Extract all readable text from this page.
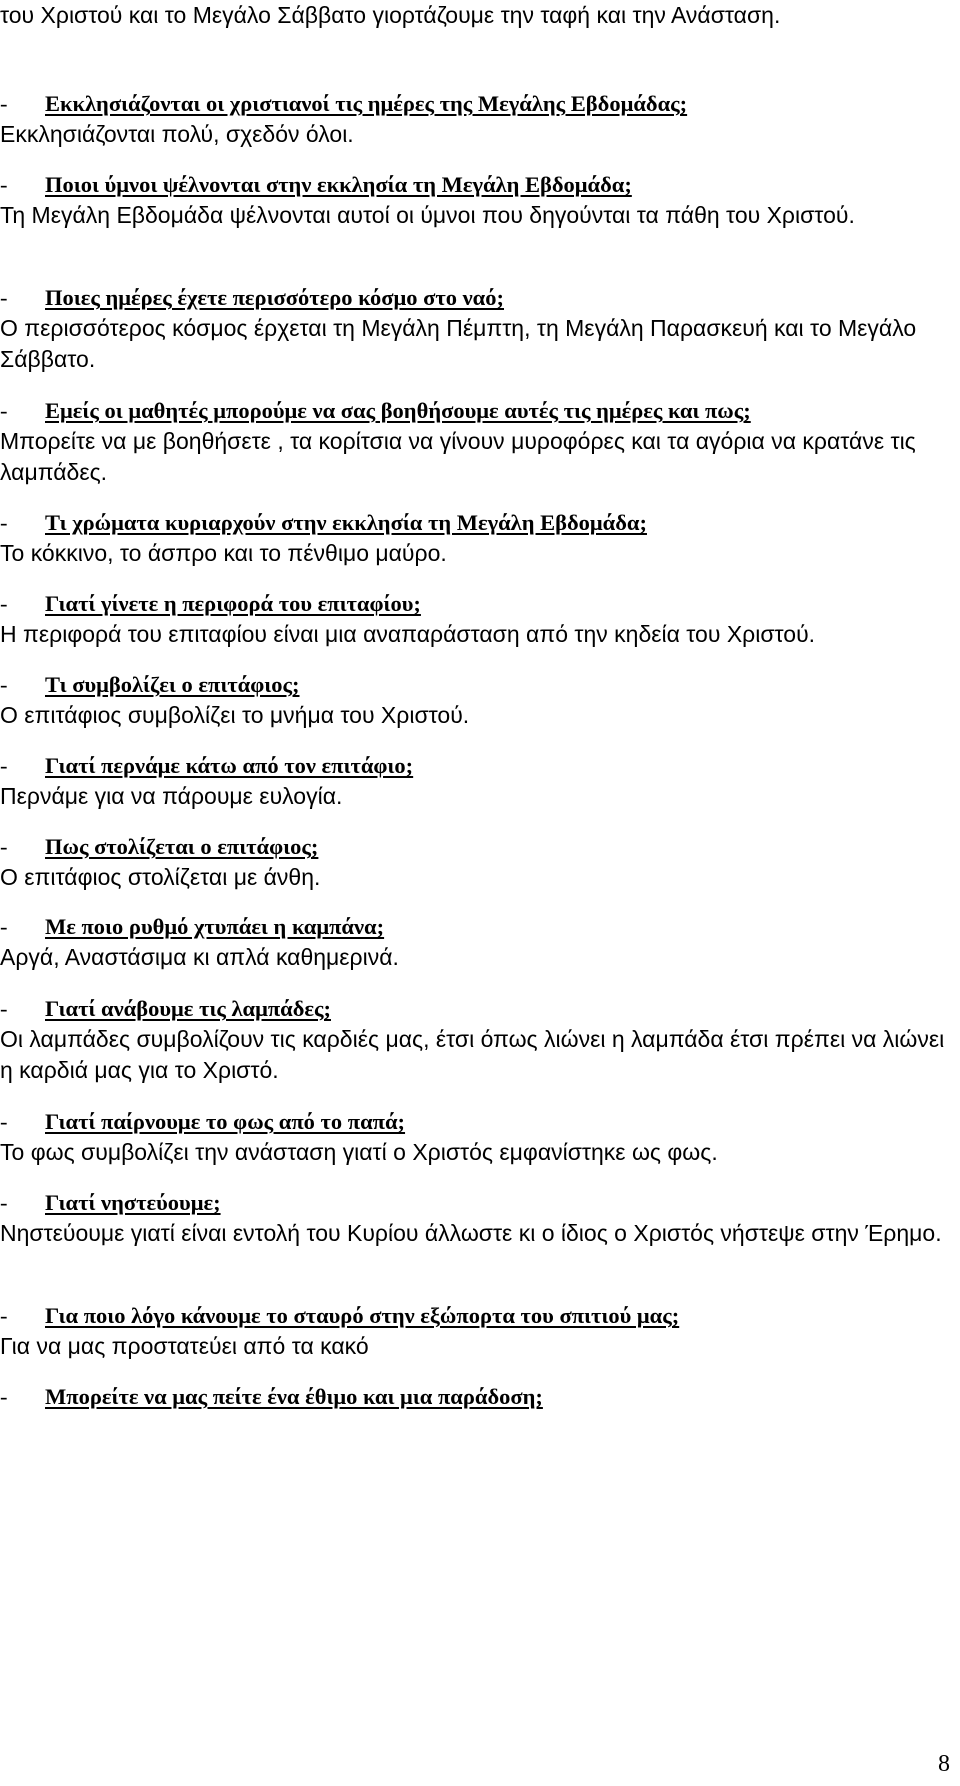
του Χριστού και το Μεγάλο Σάββατο γιορτάζουμε την ταφή και την Ανάσταση.

- Εκκλησιάζονται οι χριστιανοί τις ημέρες της Μεγάλης Εβδομάδας;

Εκκλησιάζονται πολύ, σχεδόν όλοι.

- Ποιοι ύμνοι ψέλνονται στην εκκλησία τη Μεγάλη Εβδομάδα;

Τη Μεγάλη Εβδομάδα ψέλνονται αυτοί οι ύμνοι που δηγούνται τα πάθη του Χριστού.

- Ποιες ημέρες έχετε περισσότερο κόσμο στο ναό;

Ο περισσότερος κόσμος έρχεται τη Μεγάλη Πέμπτη, τη Μεγάλη Παρασκευή και το Μεγάλο Σάββατο.

- Εμείς οι μαθητές μπορούμε να σας βοηθήσουμε αυτές τις ημέρες και πως;

Μπορείτε να με βοηθήσετε , τα κορίτσια να γίνουν μυροφόρες και τα αγόρια να κρατάνε τις λαμπάδες.

- Τι χρώματα κυριαρχούν στην εκκλησία τη Μεγάλη Εβδομάδα;

Το κόκκινο, το άσπρο και το πένθιμο μαύρο.

- Γιατί γίνετε η περιφορά του επιταφίου;

Η περιφορά του επιταφίου είναι μια αναπαράσταση από την κηδεία του Χριστού.

- Τι συμβολίζει ο επιτάφιος;

Ο επιτάφιος συμβολίζει το μνήμα του Χριστού.

- Γιατί περνάμε κάτω από τον επιτάφιο;

Περνάμε για να πάρουμε ευλογία.

- Πως στολίζεται ο επιτάφιος;

Ο επιτάφιος στολίζεται με άνθη.

- Με ποιο ρυθμό χτυπάει η καμπάνα;

Αργά, Αναστάσιμα κι απλά καθημερινά.

- Γιατί ανάβουμε τις λαμπάδες;

Οι λαμπάδες συμβολίζουν τις καρδιές μας, έτσι όπως λιώνει η λαμπάδα έτσι πρέπει να λιώνει η καρδιά μας για το Χριστό.

- Γιατί παίρνουμε το φως από το παπά;

Το φως συμβολίζει την ανάσταση γιατί ο Χριστός εμφανίστηκε ως φως.

- Γιατί νηστεύουμε;

Νηστεύουμε γιατί είναι εντολή του Κυρίου άλλωστε κι ο ίδιος ο Χριστός νήστεψε στην Έρημο.

- Για ποιο λόγο κάνουμε το σταυρό στην εξώπορτα του σπιτιού μας;

Για να μας προστατεύει από τα κακό

- Μπορείτε να μας πείτε ένα έθιμο και μια παράδοση;

8
